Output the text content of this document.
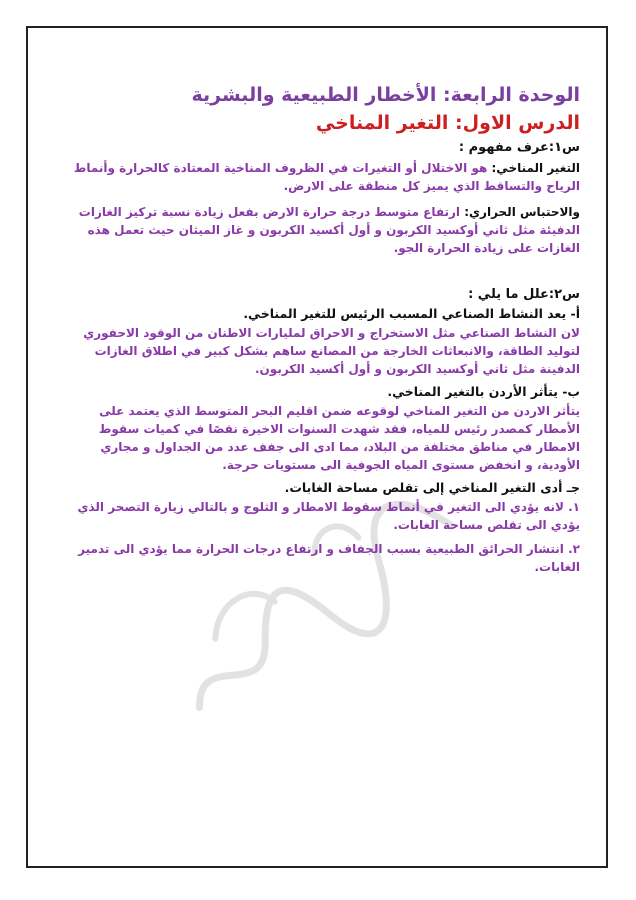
الوحدة الرابعة: الأخطار الطبيعية والبشرية
الدرس الاول: التغير المناخي
س١:عرف مفهوم :

التغير المناخي: هو الاختلال أو التغيرات في الظروف المناخية المعتادة كالحرارة وأنماط الرياح والتساقط الذي يميز كل منطقة على الارض.

والاحتباس الحراري: ارتفاع متوسط درجة حرارة الارض بفعل زيادة نسبة تركيز الغازات الدفيئة مثل ثاني أوكسيد الكربون و أول أكسيد الكربون و غاز الميثان حيث تعمل هذه الغازات على زيادة الحرارة الجو.

س٢:علل ما يلي :
أ- يعد النشاط الصناعي المسبب الرئيس للتغير المناخي.

لان النشاط الصناعي مثل الاستخراج و الاحراق لمليارات الاطنان من الوقود الاحفوري لتوليد الطاقة، والانبعاثات الخارجة من المصانع ساهم بشكل كبير في اطلاق الغازات الدفينة مثل ثاني أوكسيد الكربون و أول أكسيد الكربون.

ب- يتأثر الأردن بالتغير المناخي.

يتأثر الاردن من التغير المناخي لوقوعه ضمن اقليم البحر المتوسط الذي يعتمد على الأمطار كمصدر رئيس للمياه، فقد شهدت السنوات الاخيرة نقصًا في كميات سقوط الامطار في مناطق مختلفة من البلاد، مما ادى الى جفف عدد من الجداول و مجاري الأودية، و انخفض مستوى المياه الجوفية الى مستويات حرجة.

جـ أدى التغير المناخي إلى تقلص مساحة الغابات.

١. لانه يؤدي الى التغير في أنماط سقوط الامطار و الثلوج و بالتالي زيارة التصحر الذي يؤدي الى تقلص مساحة الغابات.

٢. انتشار الحرائق الطبيعية بسبب الجفاف و ارتفاع درجات الحرارة مما يؤدي الى تدمير الغابات.
